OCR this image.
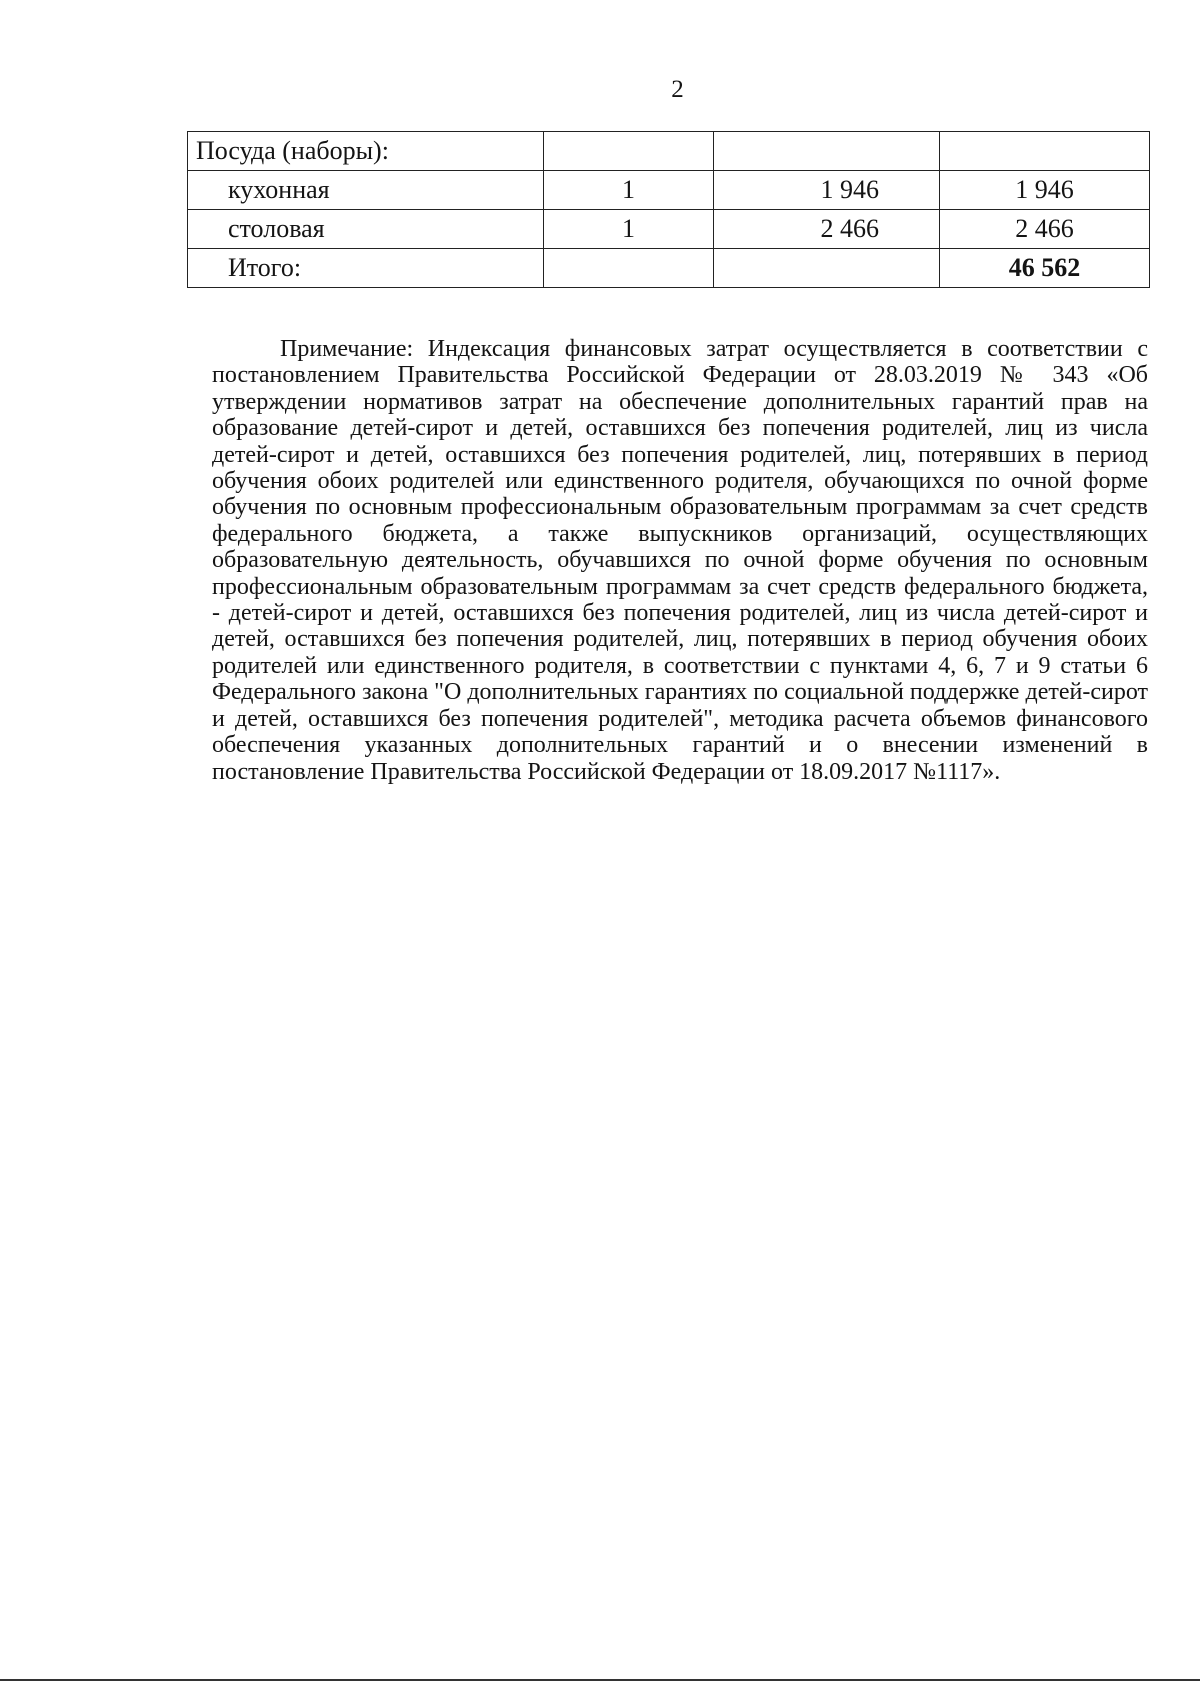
2
Посуда (наборы):			
кухонная	1	1 946	1 946
столовая	1	2 466	2 466
Итого:			46 562

Примечание: Индексация финансовых затрат осуществляется в соответствии с постановлением Правительства Российской Федерации от 28.03.2019 № 343 «Об утверждении нормативов затрат на обеспечение дополнительных гарантий прав на образование детей-сирот и детей, оставшихся без попечения родителей, лиц из числа детей-сирот и детей, оставшихся без попечения родителей, лиц, потерявших в период обучения обоих родителей или единственного родителя, обучающихся по очной форме обучения по основным профессиональным образовательным программам за счет средств федерального бюджета, а также выпускников организаций, осуществляющих образовательную деятельность, обучавшихся по очной форме обучения по основным профессиональным образовательным программам за счет средств федерального бюджета, - детей-сирот и детей, оставшихся без попечения родителей, лиц из числа детей-сирот и детей, оставшихся без попечения родителей, лиц, потерявших в период обучения обоих родителей или единственного родителя, в соответствии с пунктами 4, 6, 7 и 9 статьи 6 Федерального закона "О дополнительных гарантиях по социальной поддержке детей-сирот и детей, оставшихся без попечения родителей", методика расчета объемов финансового обеспечения указанных дополнительных гарантий и о внесении изменений в постановление Правительства Российской Федерации от 18.09.2017 №1117».
